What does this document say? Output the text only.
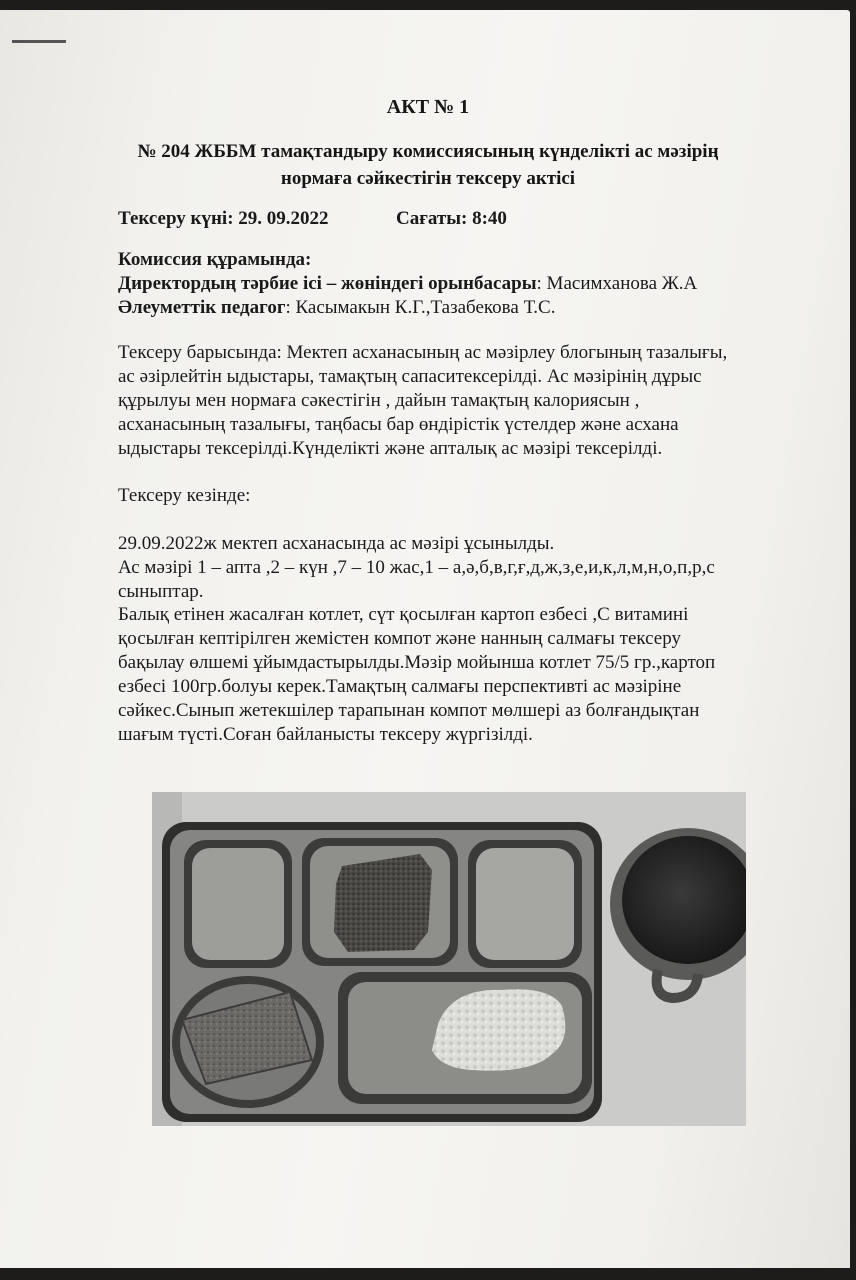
АКТ № 1
№ 204 ЖББМ тамақтандыру комиссиясының күнделікті ас мәзірің
нормаға сәйкестігін тексеру актісі
Тексеру күні: 29. 09.2022	Сағаты: 8:40
Комиссия құрамында:
Директордың тәрбие ісі – жөніндегі орынбасары: Масимханова Ж.А
Әлеуметтік педагог: Касымакын К.Г.,Тазабекова Т.С.
Тексеру барысында: Мектеп асханасының ас мәзірлеу блогының тазалығы,
ас әзірлейтін ыдыстары, тамақтың сапаситексерілді. Ас мәзірінің дұрыс
құрылуы мен нормаға сәкестігін , дайын тамақтың калориясын ,
асханасының тазалығы, таңбасы бар өндірістік үстелдер және асхана
ыдыстары тексерілді.Күнделікті және апталық ас мәзірі тексерілді.
Тексеру кезінде:
29.09.2022ж мектеп асханасында ас мәзірі ұсынылды.
Ас мәзірі 1 – апта ,2 – күн ,7 – 10 жас,1 – а,ә,б,в,г,ғ,д,ж,з,е,и,к,л,м,н,о,п,р,с
сыныптар.
Балық етінен жасалған котлет, сүт қосылған картоп езбесі ,С витамині
қосылған кептірілген жемістен компот және нанның салмағы тексеру
бақылау өлшемі ұйымдастырылды.Мәзір мойынша котлет 75/5 гр.,картоп
езбесі 100гр.болуы керек.Тамақтың салмағы перспективті ас мәзіріне
сәйкес.Сынып жетекшілер тарапынан компот мөлшері аз болғандықтан
шағым түсті.Соған байланысты тексеру жүргізілді.
